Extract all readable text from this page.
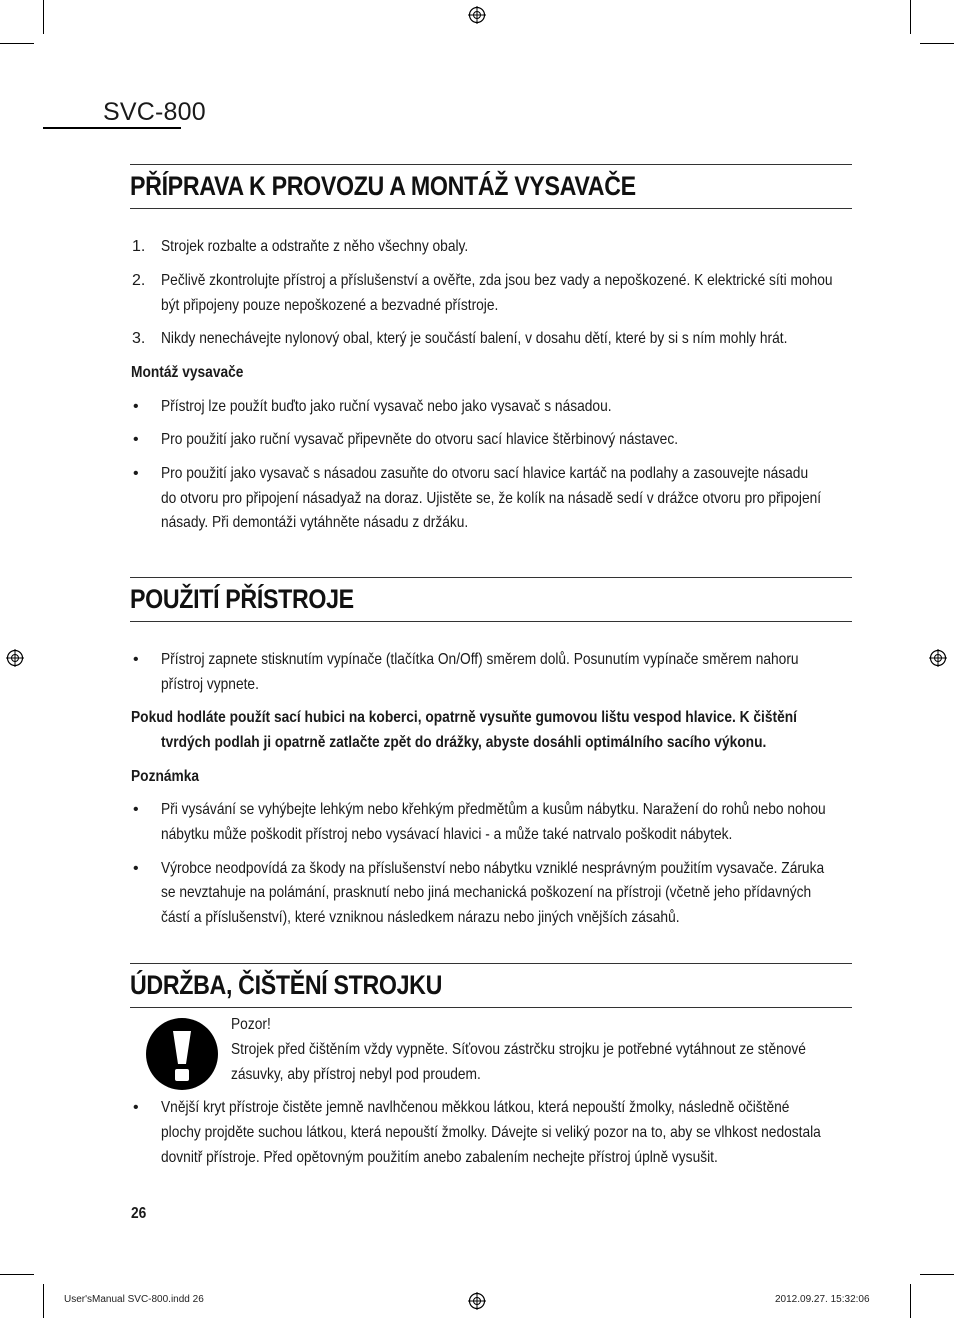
SVC-800
PŘÍPRAVA K PROVOZU A MONTÁŽ VYSAVAČE
1. Strojek rozbalte a odstraňte z něho všechny obaly.
2. Pečlivě zkontrolujte přístroj a příslušenství a ověřte, zda jsou bez vady a nepoškozené. K elektrické síti mohou
být připojeny pouze nepoškozené a bezvadné přístroje.
3. Nikdy nenechávejte nylonový obal, který je součástí balení, v dosahu dětí, které by si s ním mohly hrát.
Montáž vysavače
• Přístroj lze použít buďto jako ruční vysavač nebo jako vysavač s násadou.
• Pro použití jako ruční vysavač připevněte do otvoru sací hlavice štěrbinový nástavec.
• Pro použití jako vysavač s násadou zasuňte do otvoru sací hlavice kartáč na podlahy a zasouvejte násadu
do otvoru pro připojení násadyaž na doraz. Ujistěte se, že kolík na násadě sedí v drážce otvoru pro připojení
násady. Při demontáži vytáhněte násadu z držáku.
POUŽITÍ PŘÍSTROJE
• Přístroj zapnete stisknutím vypínače (tlačítka On/Off) směrem dolů. Posunutím vypínače směrem nahoru
přístroj vypnete.
Pokud hodláte použít sací hubici na koberci, opatrně vysuňte gumovou lištu vespod hlavice. K čištění
tvrdých podlah ji opatrně zatlačte zpět do drážky, abyste dosáhli optimálního sacího výkonu.
Poznámka
• Při vysávání se vyhýbejte lehkým nebo křehkým předmětům a kusům nábytku. Naražení do rohů nebo nohou
nábytku může poškodit přístroj nebo vysávací hlavici - a může také natrvalo poškodit nábytek.
• Výrobce neodpovídá za škody na příslušenství nebo nábytku vzniklé nesprávným použitím vysavače. Záruka
se nevztahuje na polámání, prasknutí nebo jiná mechanická poškození na přístroji (včetně jeho přídavných
částí a příslušenství), které vzniknou následkem nárazu nebo jiných vnějších zásahů.
ÚDRŽBA, ČIŠTĚNÍ STROJKU
Pozor!
Strojek před čištěním vždy vypněte. Síťovou zástrčku strojku je potřebné vytáhnout ze stěnové
zásuvky, aby přístroj nebyl pod proudem.
• Vnější kryt přístroje čistěte jemně navlhčenou měkkou látkou, která nepouští žmolky, následně očištěné
plochy projděte suchou látkou, která nepouští žmolky. Dávejte si veliký pozor na to, aby se vlhkost nedostala
dovnitř přístroje. Před opětovným použitím anebo zabalením nechejte přístroj úplně vysušit.
26
User'sManual SVC-800.indd 26	2012.09.27. 15:32:06
